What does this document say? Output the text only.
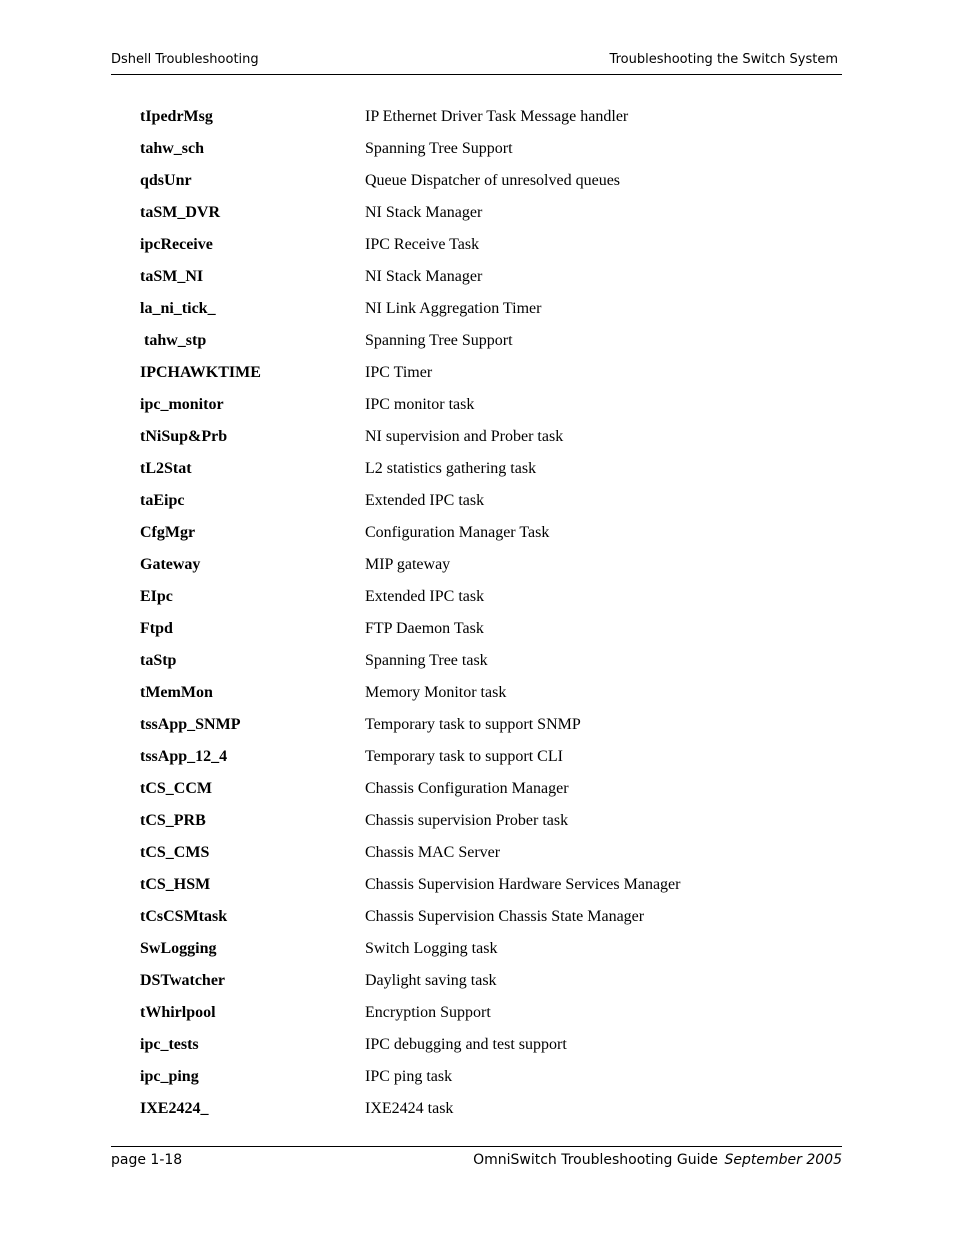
Dshell Troubleshooting	Troubleshooting the Switch System
tIpedrMsg	IP Ethernet Driver Task Message handler
tahw_sch	Spanning Tree Support
qdsUnr	Queue Dispatcher of unresolved queues
taSM_DVR	NI Stack Manager
ipcReceive	IPC Receive Task
taSM_NI	NI Stack Manager
la_ni_tick_	NI Link Aggregation Timer
tahw_stp	Spanning Tree Support
IPCHAWKTIME	IPC Timer
ipc_monitor	IPC monitor task
tNiSup&Prb	NI supervision and Prober task
tL2Stat	L2 statistics gathering task
taEipc	Extended IPC task
CfgMgr	Configuration Manager Task
Gateway	MIP gateway
EIpc	Extended IPC task
Ftpd	FTP Daemon Task
taStp	Spanning Tree task
tMemMon	Memory Monitor task
tssApp_SNMP	Temporary task to support SNMP
tssApp_12_4	Temporary task to support CLI
tCS_CCM	Chassis Configuration Manager
tCS_PRB	Chassis supervision Prober task
tCS_CMS	Chassis MAC Server
tCS_HSM	Chassis Supervision Hardware Services Manager
tCsCSMtask	Chassis Supervision Chassis State Manager
SwLogging	Switch Logging task
DSTwatcher	Daylight saving task
tWhirlpool	Encryption Support
ipc_tests	IPC debugging and test support
ipc_ping	IPC ping task
IXE2424_	IXE2424 task
page 1-18	OmniSwitch Troubleshooting Guide September 2005
